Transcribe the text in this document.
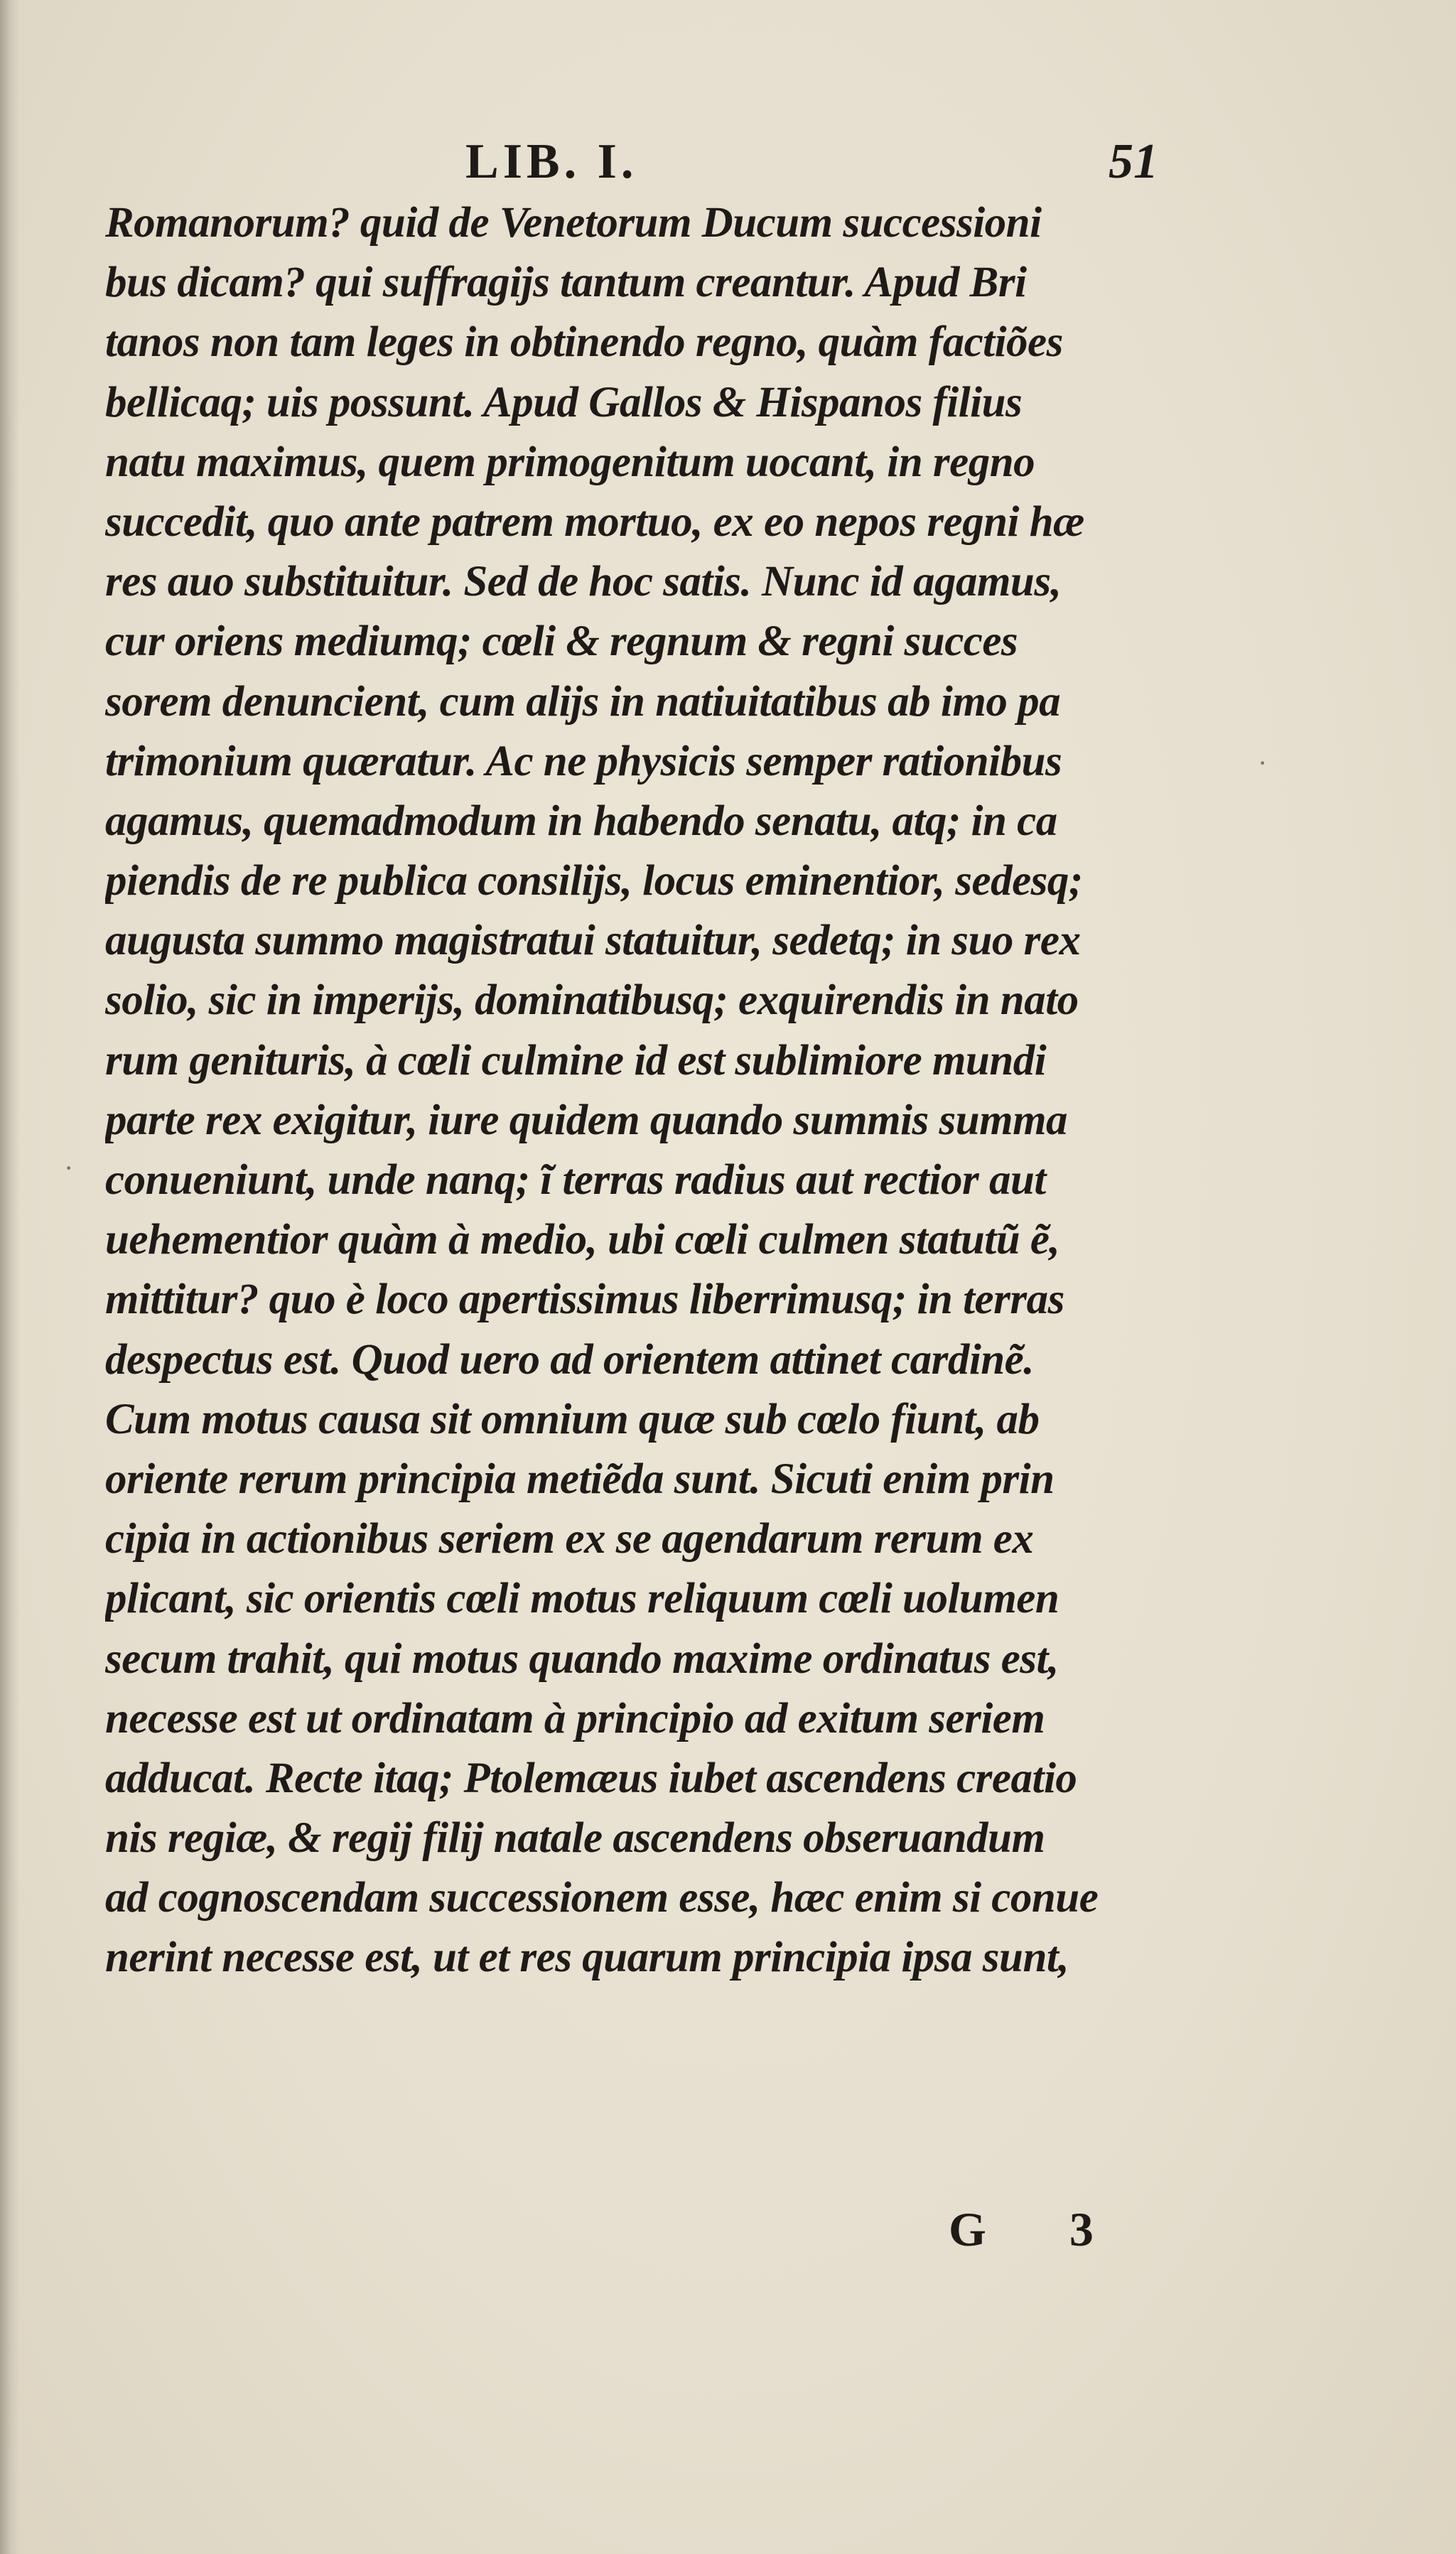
LIB. I.	51
Romanorum? quid de Venetorum Ducum successioni
bus dicam? qui suffragijs tantum creantur. Apud Bri
tanos non tam leges in obtinendo regno, quàm factiões
bellicaq; uis possunt. Apud Gallos & Hispanos filius
natu maximus, quem primogenitum uocant, in regno
succedit, quo ante patrem mortuo, ex eo nepos regni hæ
res auo substituitur. Sed de hoc satis. Nunc id agamus,
cur oriens mediumq; cœli & regnum & regni succes
sorem denuncient, cum alijs in natiuitatibus ab imo pa
trimonium quæratur. Ac ne physicis semper rationibus
agamus, quemadmodum in habendo senatu, atq; in ca
piendis de re publica consilijs, locus eminentior, sedesq;
augusta summo magistratui statuitur, sedetq; in suo rex
solio, sic in imperijs, dominatibusq; exquirendis in nato
rum genituris, à cœli culmine id est sublimiore mundi
parte rex exigitur, iure quidem quando summis summa
conueniunt, unde nanq; ĩ terras radius aut rectior aut
uehementior quàm à medio, ubi cœli culmen statutũ ẽ,
mittitur? quo è loco apertissimus liberrimusq; in terras
despectus est. Quod uero ad orientem attinet cardinẽ.
Cum motus causa sit omnium quæ sub cœlo fiunt, ab
oriente rerum principia metiẽda sunt. Sicuti enim prin
cipia in actionibus seriem ex se agendarum rerum ex
plicant, sic orientis cœli motus reliquum cœli uolumen
secum trahit, qui motus quando maxime ordinatus est,
necesse est ut ordinatam à principio ad exitum seriem
adducat. Recte itaq; Ptolemæus iubet ascendens creatio
nis regiæ, & regij filij natale ascendens obseruandum
ad cognoscendam successionem esse, hæc enim si conue
nerint necesse est, ut et res quarum principia ipsa sunt,
G 3
·
·
